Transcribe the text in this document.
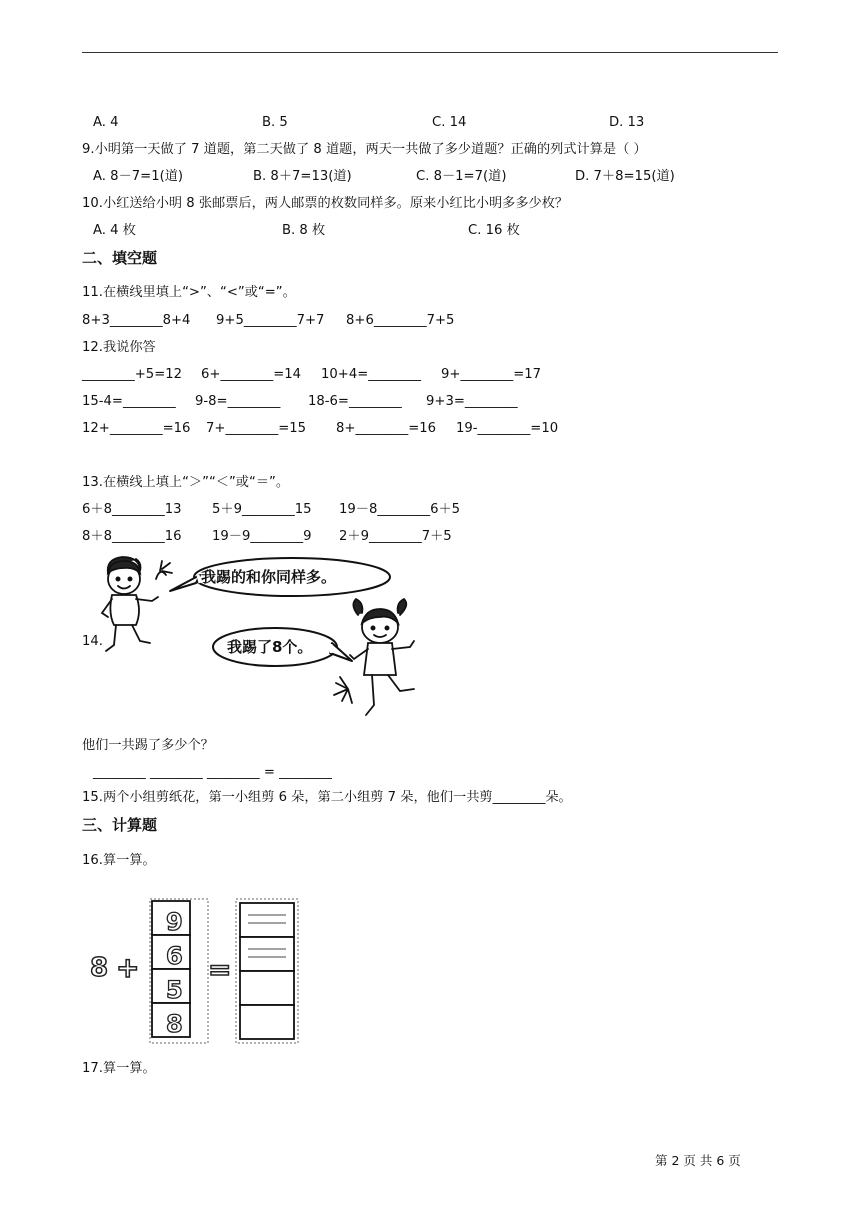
A. 4	B. 5	C. 14	D. 13
9.小明第一天做了 7 道题，第二天做了 8 道题，两天一共做了多少道题？正确的列式计算是（ ）
A. 8－7=1(道)	B. 8＋7=13(道)	C. 8－1=7(道)	D. 7＋8=15(道)
10.小红送给小明 8 张邮票后，两人邮票的枚数同样多。原来小红比小明多多少枚？
A. 4 枚	B. 8 枚	C. 16 枚
二、填空题
11.在横线里填上“>”、“<”或“=”。
8+3________8+4 9+5________7+7 8+6________7+5
12.我说你答
________+5=12 6+________=14 10+4=________ 9+________=17
15-4=________ 9-8=________ 18-6=________ 9+3=________
12+________=16 7+________=15 8+________=16 19-________=10
13.在横线上填上“＞”“＜”或“＝”。
6＋8________13 5＋9________15 19－8________6＋5
8＋8________16 19－9________9 2＋9________7＋5
14.
我踢的和你同样多。
我踢了8个。
他们一共踢了多少个？
________ ________ ________ = ________
15.两个小组剪纸花，第一小组剪 6 朵，第二小组剪 7 朵，他们一共剪________朵。
三、计算题
16.算一算。
8 +
9
6
5
8
=
17.算一算。
第 2 页 共 6 页
